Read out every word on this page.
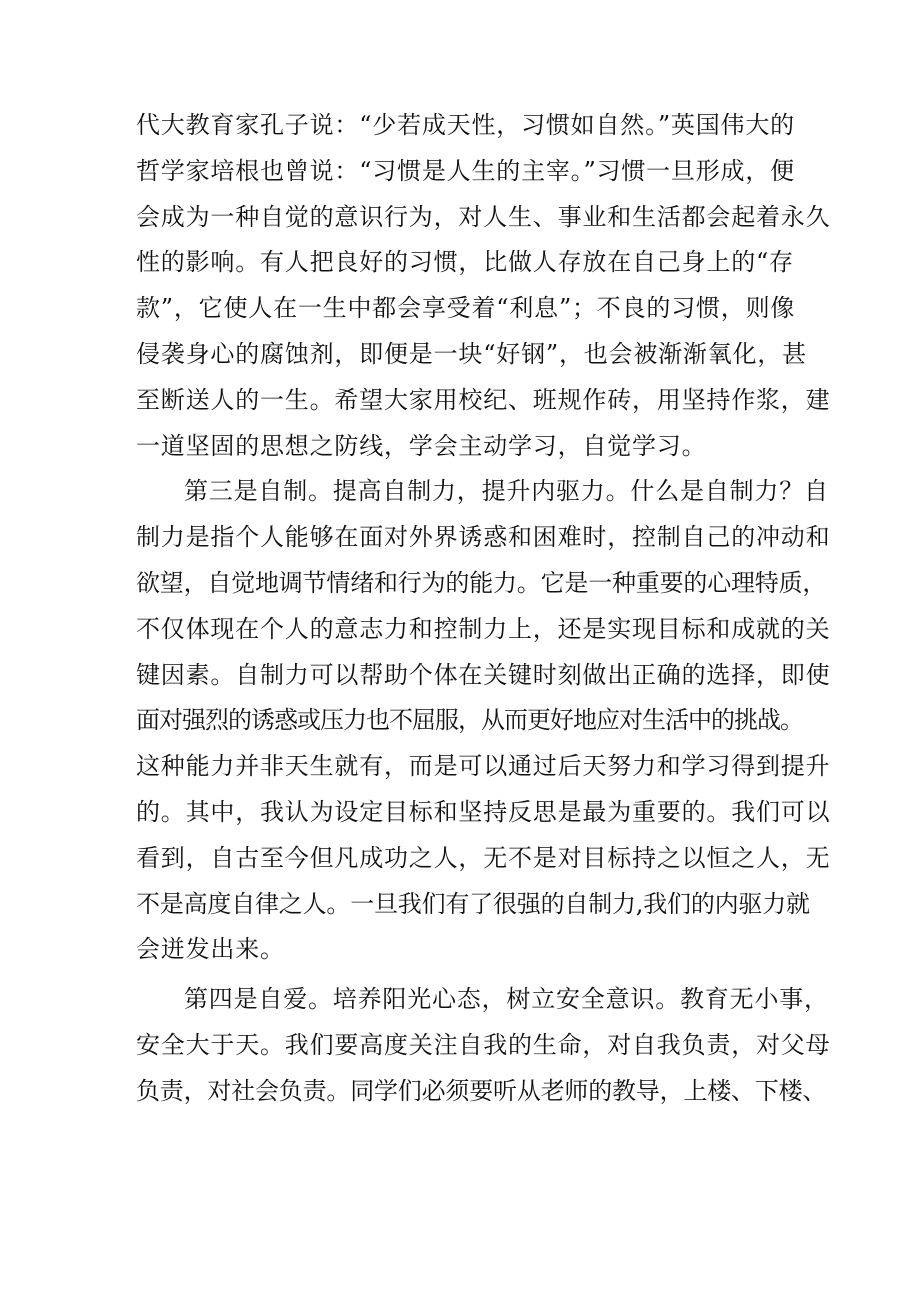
代大教育家孔子说：“少若成天性，习惯如自然。”英国伟大的
哲学家培根也曾说：“习惯是人生的主宰。”习惯一旦形成，便
会成为一种自觉的意识行为，对人生、事业和生活都会起着永久
性的影响。有人把良好的习惯，比做人存放在自己身上的“存
款”，它使人在一生中都会享受着“利息”；不良的习惯，则像
侵袭身心的腐蚀剂，即便是一块“好钢”，也会被渐渐氧化，甚
至断送人的一生。希望大家用校纪、班规作砖，用坚持作浆，建
一道坚固的思想之防线，学会主动学习，自觉学习。
第三是自制。提高自制力，提升内驱力。什么是自制力？自
制力是指个人能够在面对外界诱惑和困难时，控制自己的冲动和
欲望，自觉地调节情绪和行为的能力。它是一种重要的心理特质，
不仅体现在个人的意志力和控制力上，还是实现目标和成就的关
键因素。自制力可以帮助个体在关键时刻做出正确的选择，即使
面对强烈的诱惑或压力也不屈服，从而更好地应对生活中的挑战。
这种能力并非天生就有，而是可以通过后天努力和学习得到提升
的。其中，我认为设定目标和坚持反思是最为重要的。我们可以
看到，自古至今但凡成功之人，无不是对目标持之以恒之人，无
不是高度自律之人。一旦我们有了很强的自制力,我们的内驱力就
会迸发出来。
第四是自爱。培养阳光心态，树立安全意识。教育无小事，
安全大于天。我们要高度关注自我的生命，对自我负责，对父母
负责，对社会负责。同学们必须要听从老师的教导，上楼、下楼、
